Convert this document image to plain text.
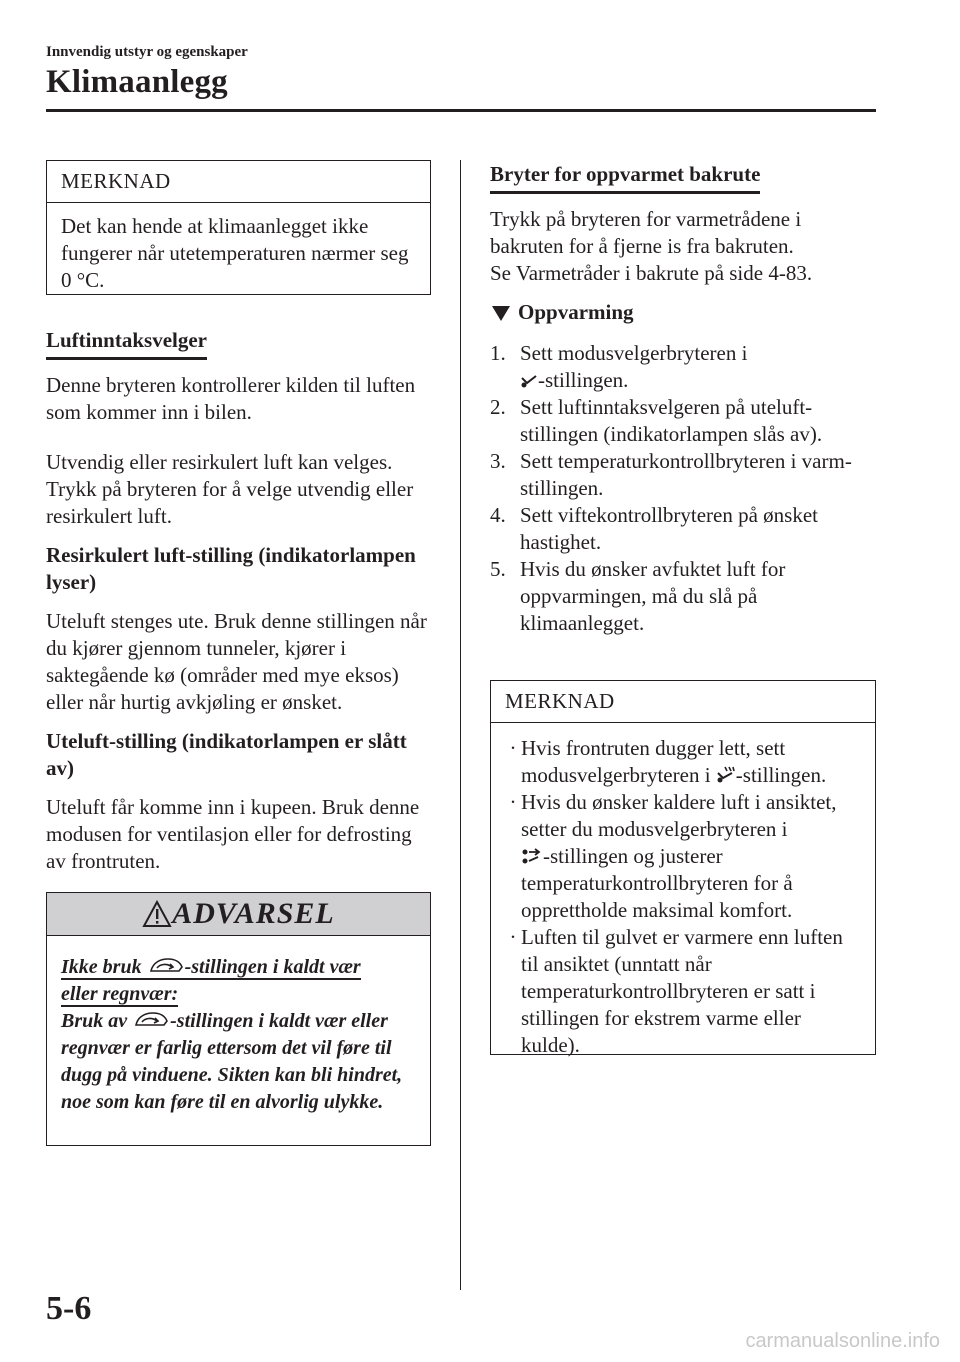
Innvendig utstyr og egenskaper
Klimaanlegg
MERKNAD
Det kan hende at klimaanlegget ikke fungerer når utetemperaturen nærmer seg 0 °C.
Luftinntaksvelger
Denne bryteren kontrollerer kilden til luften som kommer inn i bilen.
Utvendig eller resirkulert luft kan velges. Trykk på bryteren for å velge utvendig eller resirkulert luft.
Resirkulert luft-stilling (indikatorlampen lyser)
Uteluft stenges ute. Bruk denne stillingen når du kjører gjennom tunneler, kjører i saktegående kø (områder med mye eksos) eller når hurtig avkjøling er ønsket.
Uteluft-stilling (indikatorlampen er slått av)
Uteluft får komme inn i kupeen. Bruk denne modusen for ventilasjon eller for defrosting av frontruten.
ADVARSEL
Ikke bruk -stillingen i kaldt vær
eller regnvær:
Bruk av -stillingen i kaldt vær eller regnvær er farlig ettersom det vil føre til dugg på vinduene. Sikten kan bli hindret, noe som kan føre til en alvorlig ulykke.
Bryter for oppvarmet bakrute
Trykk på bryteren for varmetrådene i bakruten for å fjerne is fra bakruten.
Se Varmetråder i bakrute på side 4-83.
Oppvarming
1. Sett modusvelgerbryteren i
-stillingen.
2. Sett luftinntaksvelgeren på uteluft-stillingen (indikatorlampen slås av).
3. Sett temperaturkontrollbryteren i varm-stillingen.
4. Sett viftekontrollbryteren på ønsket hastighet.
5. Hvis du ønsker avfuktet luft for oppvarmingen, må du slå på klimaanlegget.
MERKNAD
· Hvis frontruten dugger lett, sett modusvelgerbryteren i -stillingen.
· Hvis du ønsker kaldere luft i ansiktet, setter du modusvelgerbryteren i
-stillingen og justerer temperaturkontrollbryteren for å opprettholde maksimal komfort.
· Luften til gulvet er varmere enn luften til ansiktet (unntatt når temperaturkontrollbryteren er satt i stillingen for ekstrem varme eller kulde).
5-6
carmanualsonline.info
